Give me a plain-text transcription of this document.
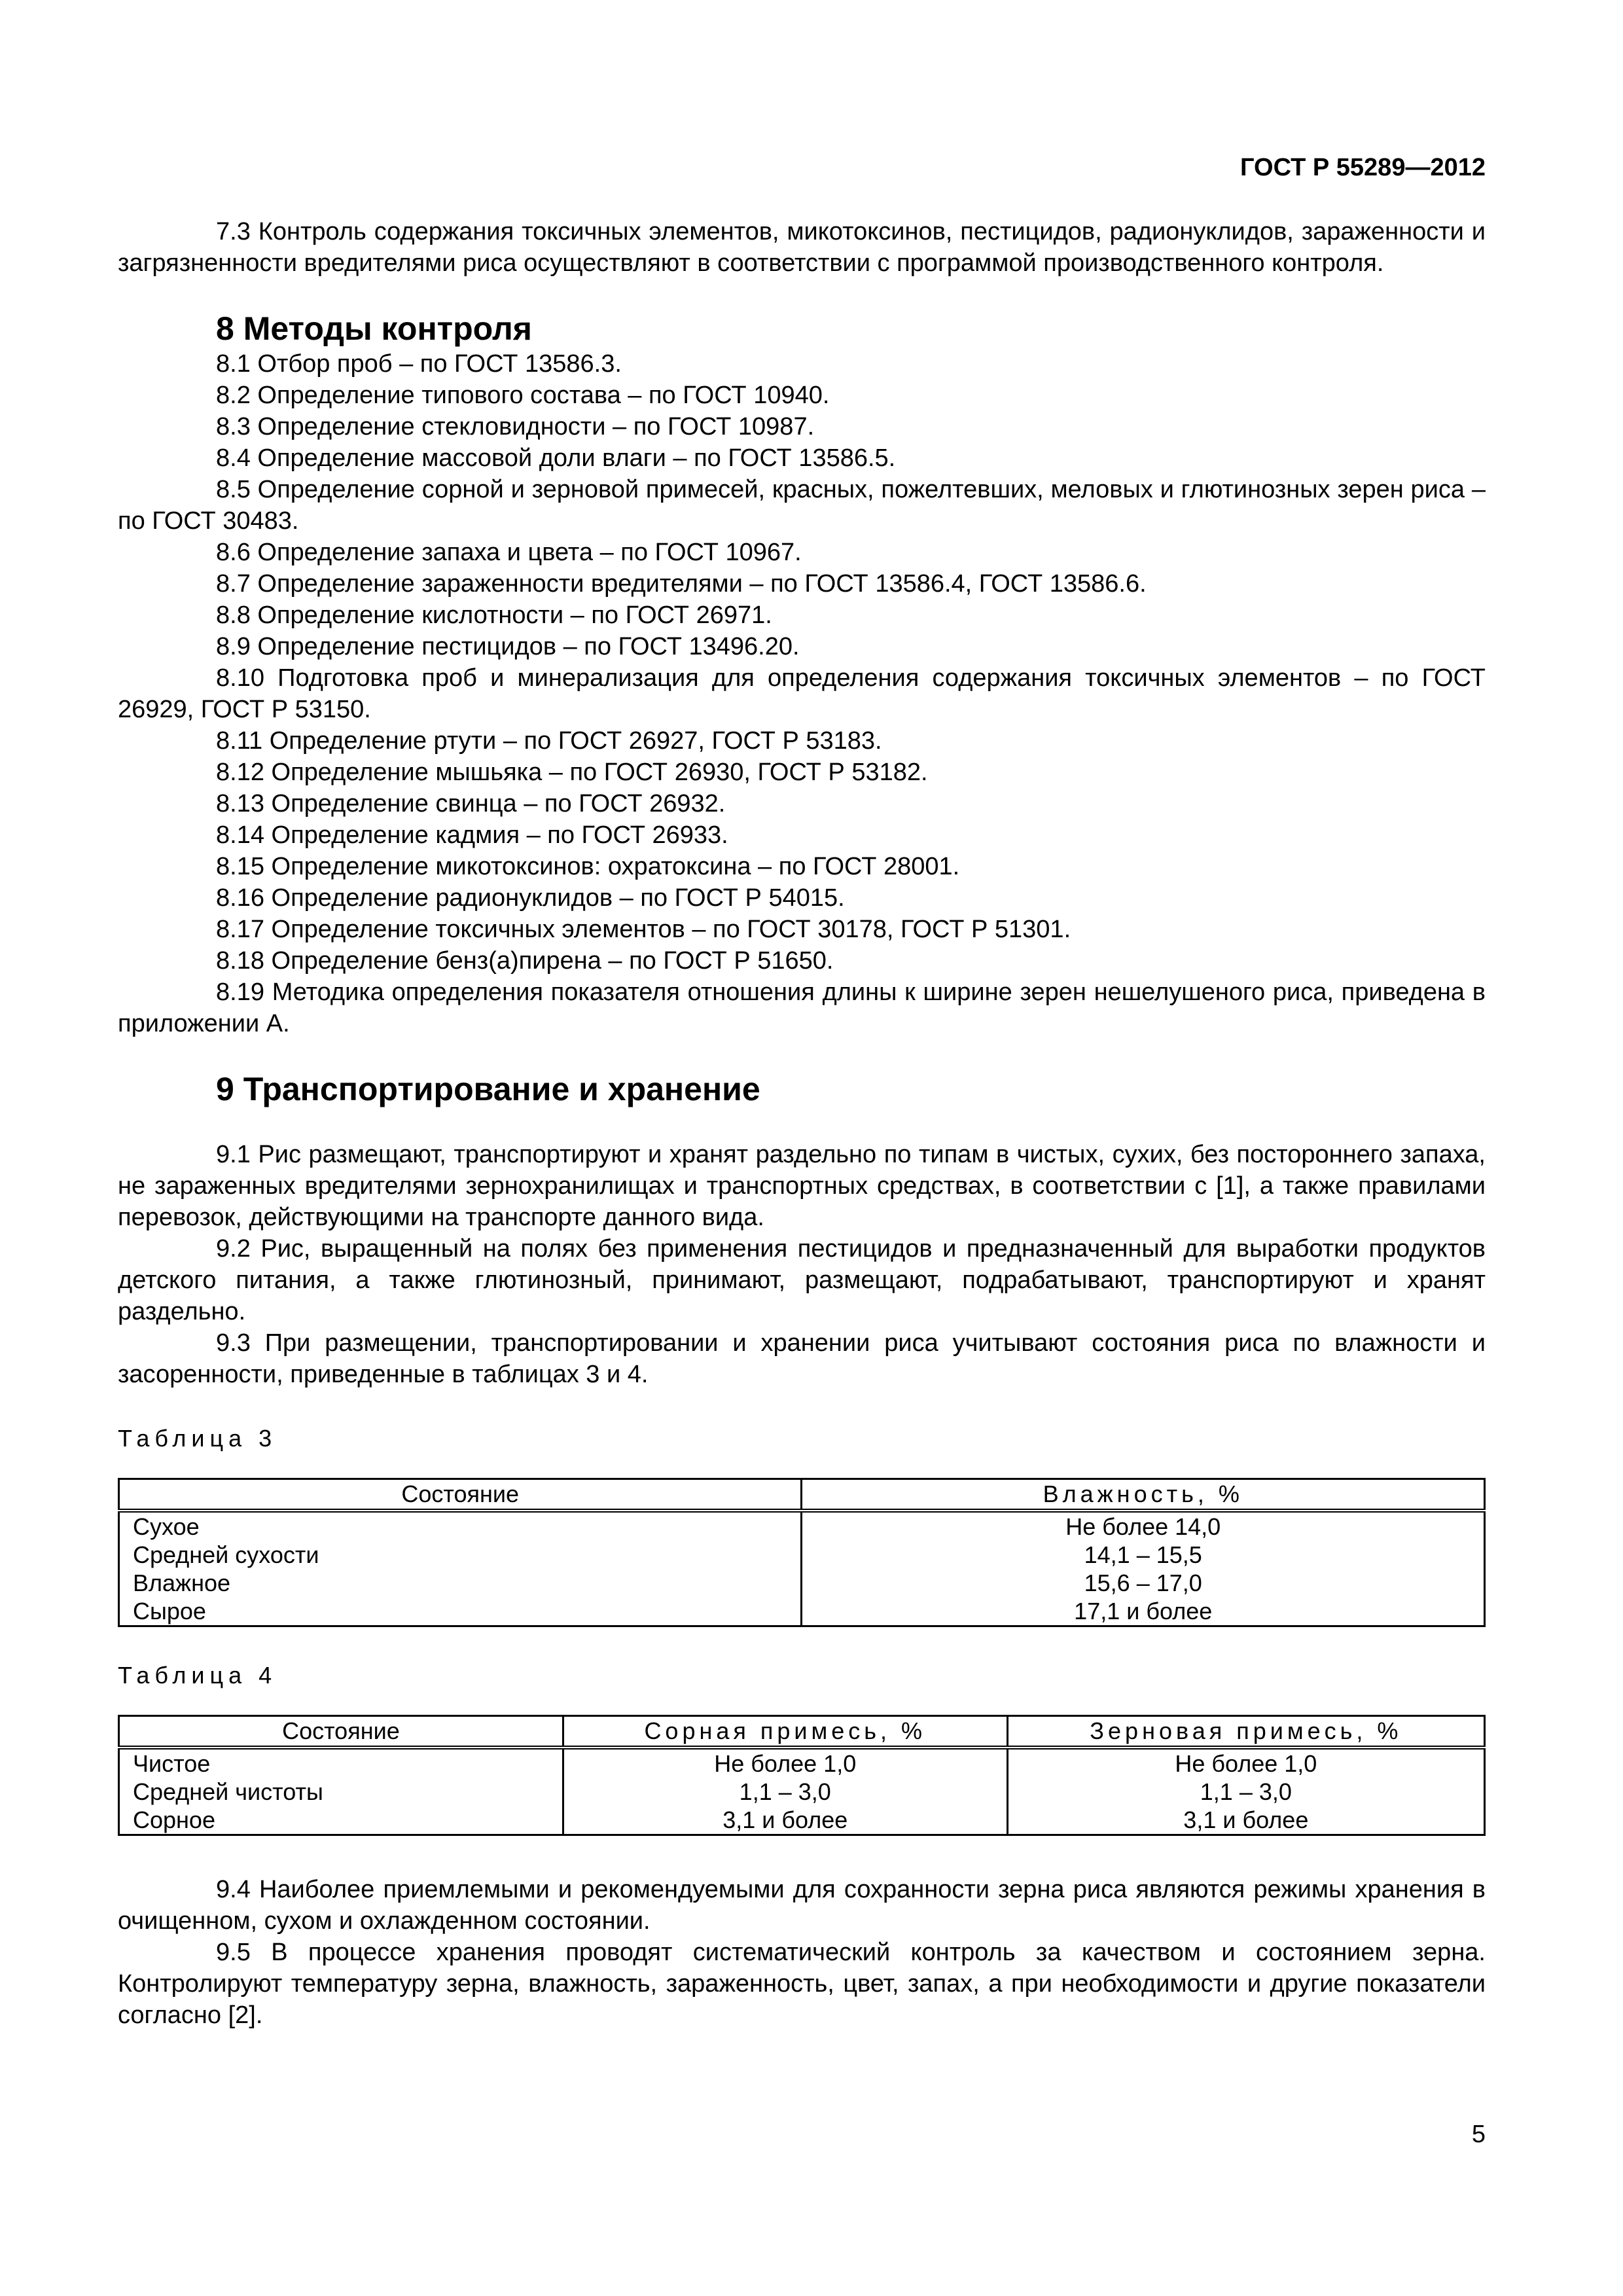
ГОСТ Р 55289—2012

7.3 Контроль содержания токсичных элементов, микотоксинов, пестицидов, радионуклидов, зараженности и загрязненности вредителями риса осуществляют в соответствии с программой производственного контроля.

8 Методы контроля
8.1 Отбор проб – по ГОСТ 13586.3.
8.2 Определение типового состава – по ГОСТ 10940.
8.3 Определение стекловидности – по ГОСТ 10987.
8.4 Определение массовой доли влаги – по ГОСТ 13586.5.
8.5 Определение сорной и зерновой примесей, красных, пожелтевших, меловых и глютинозных зерен риса – по ГОСТ 30483.
8.6 Определение запаха и цвета – по ГОСТ 10967.
8.7 Определение зараженности вредителями – по ГОСТ 13586.4, ГОСТ 13586.6.
8.8 Определение кислотности – по ГОСТ 26971.
8.9 Определение пестицидов – по ГОСТ 13496.20.
8.10 Подготовка проб и минерализация для определения содержания токсичных элементов – по ГОСТ 26929, ГОСТ Р 53150.
8.11 Определение ртути – по ГОСТ 26927, ГОСТ Р 53183.
8.12 Определение мышьяка – по ГОСТ 26930, ГОСТ Р 53182.
8.13 Определение свинца – по ГОСТ 26932.
8.14 Определение кадмия – по ГОСТ 26933.
8.15 Определение микотоксинов: охратоксина – по ГОСТ 28001.
8.16 Определение радионуклидов – по ГОСТ Р 54015.
8.17 Определение токсичных элементов – по ГОСТ 30178, ГОСТ Р 51301.
8.18 Определение бенз(а)пирена – по ГОСТ Р 51650.
8.19 Методика определения показателя отношения длины к ширине зерен нешелушеного риса, приведена в приложении А.
9 Транспортирование и хранение

9.1 Рис размещают, транспортируют и хранят раздельно по типам в чистых, сухих, без постороннего запаха, не зараженных вредителями зернохранилищах и транспортных средствах, в соответствии с [1], а также правилами перевозок, действующими на транспорте данного вида.

9.2 Рис, выращенный на полях без применения пестицидов и предназначенный для выработки продуктов детского питания, а также глютинозный, принимают, размещают, подрабатывают, транспортируют и хранят раздельно.

9.3 При размещении, транспортировании и хранении риса учитывают состояния риса по влажности и засоренности, приведенные в таблицах 3 и 4.

Таблица 3

Состояние	Влажность, %
Сухое	Не более 14,0
Средней сухости	14,1 – 15,5
Влажное	15,6 – 17,0
Сырое	17,1 и более

Таблица 4

Состояние	Сорная примесь, %	Зерновая примесь, %
Чистое	Не более 1,0	Не более 1,0
Средней чистоты	1,1 – 3,0	1,1 – 3,0
Сорное	3,1 и более	3,1 и более

9.4 Наиболее приемлемыми и рекомендуемыми для сохранности зерна риса являются режимы хранения в очищенном, сухом и охлажденном состоянии.

9.5 В процессе хранения проводят систематический контроль за качеством и состоянием зерна. Контролируют температуру зерна, влажность, зараженность, цвет, запах, а при необходимости и другие показатели согласно [2].

5
